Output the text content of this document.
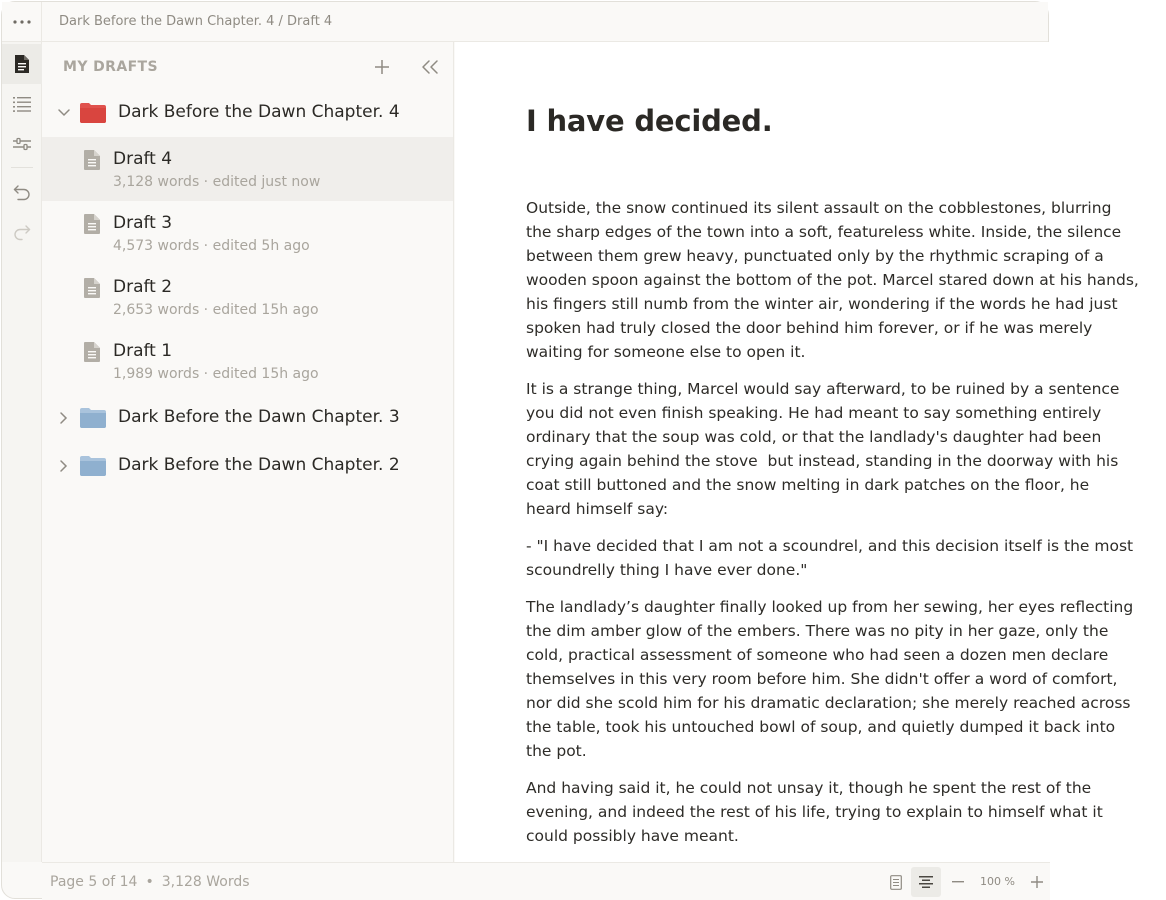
Dark Before the Dawn Chapter. 4 / Draft 4
MY DRAFTS
Dark Before the Dawn Chapter. 4
Draft 4
3,128 words · edited just now
Draft 3
4,573 words · edited 5h ago
Draft 2
2,653 words · edited 15h ago
Draft 1
1,989 words · edited 15h ago
Dark Before the Dawn Chapter. 3
Dark Before the Dawn Chapter. 2
I have decided.

Outside, the snow continued its silent assault on the cobblestones, blurring
the sharp edges of the town into a soft, featureless white. Inside, the silence
between them grew heavy, punctuated only by the rhythmic scraping of a
wooden spoon against the bottom of the pot. Marcel stared down at his hands,
his fingers still numb from the winter air, wondering if the words he had just
spoken had truly closed the door behind him forever, or if he was merely
waiting for someone else to open it.

It is a strange thing, Marcel would say afterward, to be ruined by a sentence
you did not even finish speaking. He had meant to say something entirely
ordinary that the soup was cold, or that the landlady's daughter had been
crying again behind the stove  but instead, standing in the doorway with his
coat still buttoned and the snow melting in dark patches on the floor, he
heard himself say:

- "I have decided that I am not a scoundrel, and this decision itself is the most
scoundrelly thing I have ever done."

The landlady’s daughter finally looked up from her sewing, her eyes reflecting
the dim amber glow of the embers. There was no pity in her gaze, only the
cold, practical assessment of someone who had seen a dozen men declare
themselves in this very room before him. She didn't offer a word of comfort,
nor did she scold him for his dramatic declaration; she merely reached across
the table, took his untouched bowl of soup, and quietly dumped it back into
the pot.

And having said it, he could not unsay it, though he spent the rest of the
evening, and indeed the rest of his life, trying to explain to himself what it
could possibly have meant.

Page 5 of 14 • 3,128 Words	100 %
